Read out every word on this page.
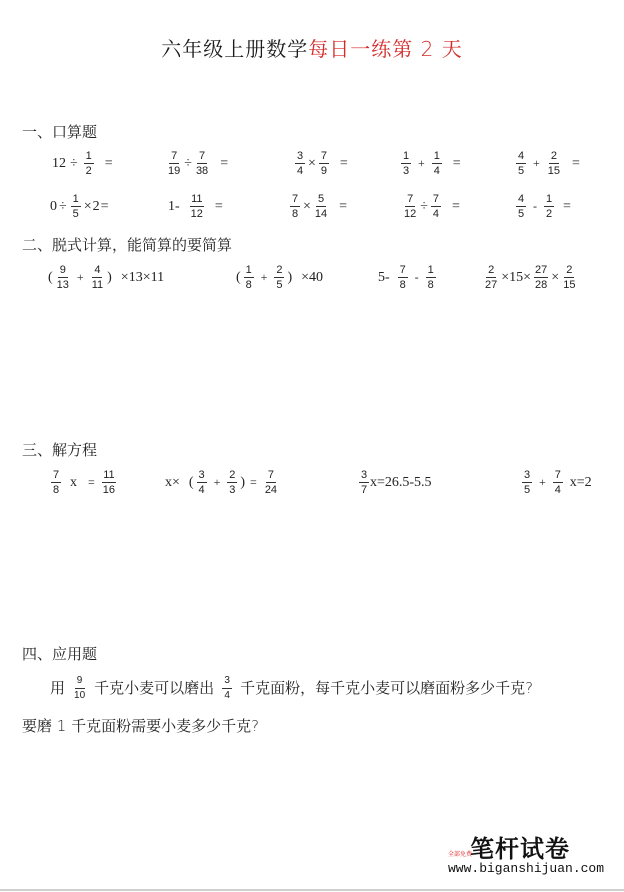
六年级上册数学每日一练第 2 天
一、口算题
$12 \div \frac{1}{2}$ =	$\frac{7}{19} \div \frac{7}{38}$ =	$\frac{3}{4} \times \frac{7}{9}$ =	$\frac{1}{3} + \frac{1}{4}$ =	$\frac{4}{5} + \frac{2}{15}$ =
$0 \div \frac{1}{5} \times 2$ =	$1- \frac{11}{12}$ =	$\frac{7}{8} \times \frac{5}{14}$ =	$\frac{7}{12} \div \frac{7}{4}$ =	$\frac{4}{5} - \frac{1}{2}$ =
二、脱式计算，能简算的要简算
( $\frac{9}{13} + \frac{4}{11}$ ) ×13×11	( $\frac{1}{8} + \frac{2}{5}$ ) ×40	$5- \frac{7}{8} - \frac{1}{8}$	$\frac{2}{27} \times 15\times \frac{27}{28} \times \frac{2}{15}$
三、解方程
$\frac{7}{8}$ $x = \frac{11}{16}$	x× ( $\frac{3}{4} + \frac{2}{3}$ ) = $\frac{7}{24}$	$\frac{3}{7} x=26.5-5.5$	$\frac{3}{5} + \frac{7}{4} x=2$
四、应用题
用 $\frac{9}{10}$ 千克小麦可以磨出 $\frac{3}{4}$ 千克面粉，每千克小麦可以磨面粉多少千克?
要磨 1 千克面粉需要小麦多少千克?
笔杆试卷
全部免费
www.biganshijuan.com
